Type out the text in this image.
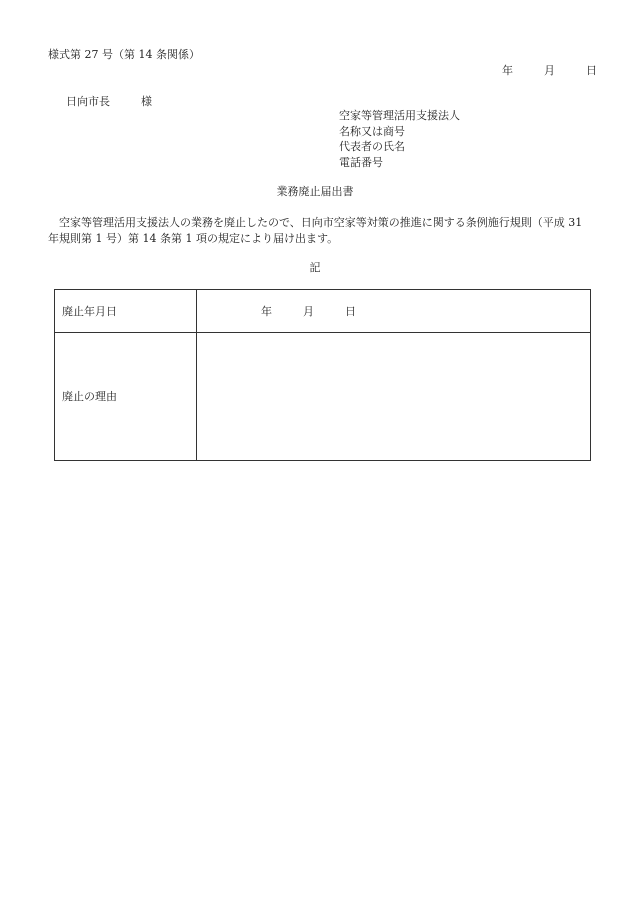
様式第 27 号（第 14 条関係）
年	月	日
日向市長	様
空家等管理活用支援法人
名称又は商号
代表者の氏名
電話番号
業務廃止届出書
空家等管理活用支援法人の業務を廃止したので、日向市空家等対策の推進に関する条例施行規則（平成 31 年規則第 1 号）第 14 条第 1 項の規定により届け出ます。
記
廃止年月日	年 月 日
廃止の理由	
